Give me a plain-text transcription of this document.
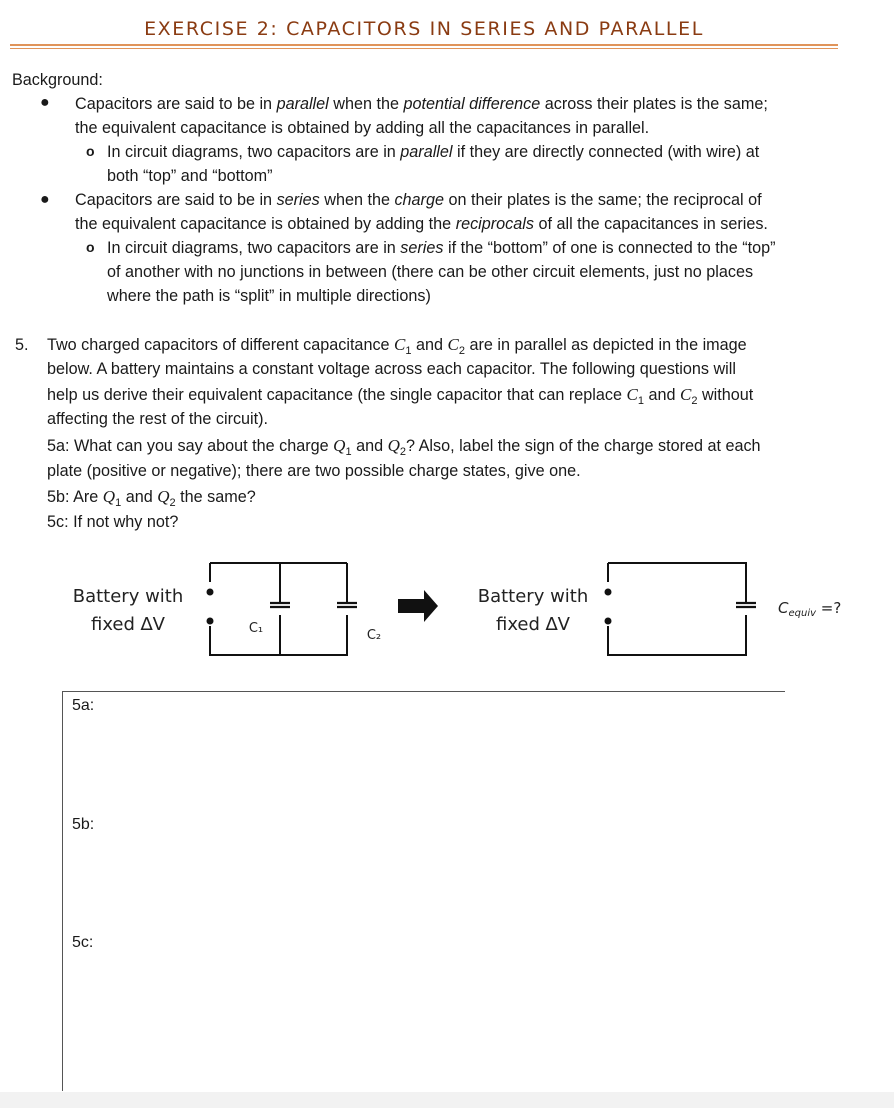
EXERCISE 2: CAPACITORS IN SERIES AND PARALLEL
Background:
● Capacitors are said to be in parallel when the potential difference across their plates is the same;
the equivalent capacitance is obtained by adding all the capacitances in parallel.
o In circuit diagrams, two capacitors are in parallel if they are directly connected (with wire) at
both “top” and “bottom”
● Capacitors are said to be in series when the charge on their plates is the same; the reciprocal of
the equivalent capacitance is obtained by adding the reciprocals of all the capacitances in series.
o In circuit diagrams, two capacitors are in series if the “bottom” of one is connected to the “top”
of another with no junctions in between (there can be other circuit elements, just no places
where the path is “split” in multiple directions)
5. Two charged capacitors of different capacitance $C_1$ and $C_2$ are in parallel as depicted in the image
below. A battery maintains a constant voltage across each capacitor. The following questions will
help us derive their equivalent capacitance (the single capacitor that can replace $C_1$ and $C_2$ without
affecting the rest of the circuit).
5a: What can you say about the charge $Q_1$ and $Q_2$? Also, label the sign of the charge stored at each
plate (positive or negative); there are two possible charge states, give one.
5b: Are $Q_1$ and $Q_2$ the same?
5c: If not why not?
Battery with
fixed ∆V	C₁	C₂
Battery with
fixed ∆V
$C_{equiv}$ =?
5a:
5b:
5c:
